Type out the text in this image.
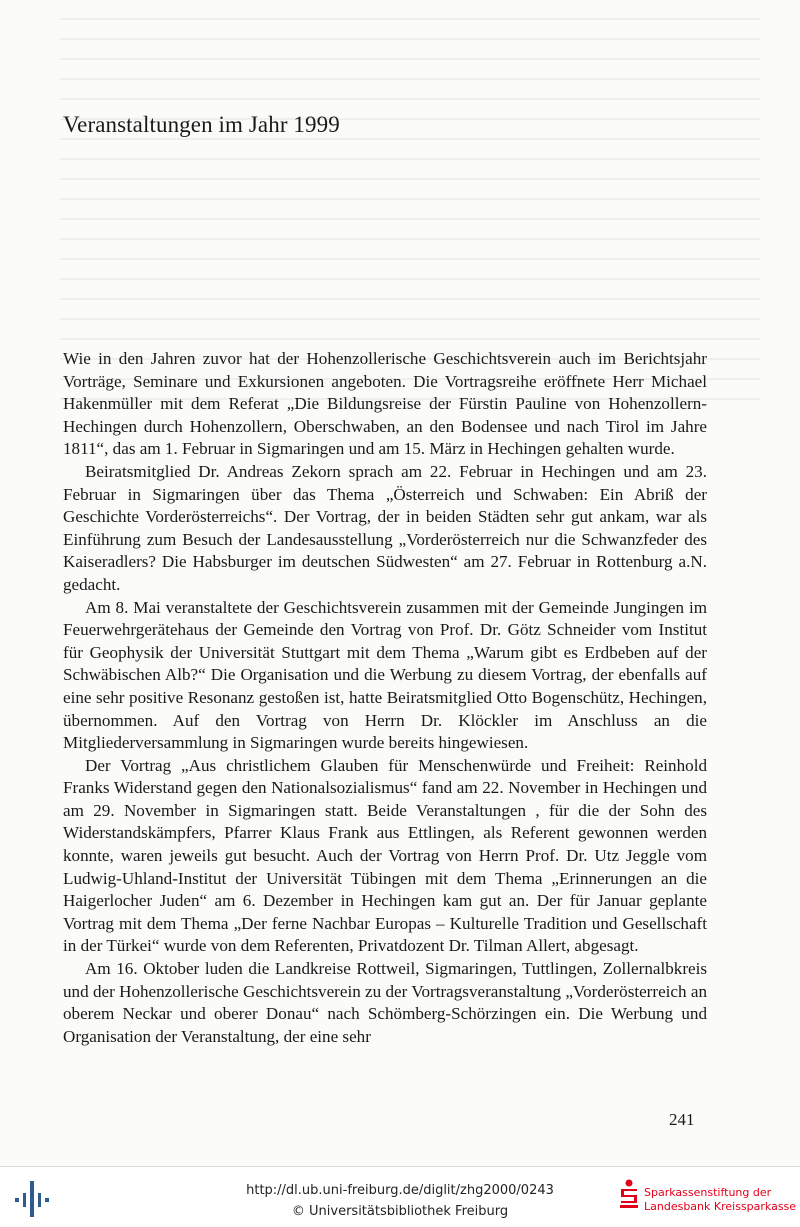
Veranstaltungen im Jahr 1999

Wie in den Jahren zuvor hat der Hohenzollerische Geschichtsverein auch im Berichtsjahr Vorträge, Seminare und Exkursionen angeboten. Die Vortragsreihe eröffnete Herr Michael Hakenmüller mit dem Referat „Die Bildungsreise der Fürstin Pauline von Hohenzollern-Hechingen durch Hohenzollern, Oberschwaben, an den Bodensee und nach Tirol im Jahre 1811“, das am 1. Februar in Sigmaringen und am 15. März in Hechingen gehalten wurde.

Beiratsmitglied Dr. Andreas Zekorn sprach am 22. Februar in Hechingen und am 23. Februar in Sigmaringen über das Thema „Österreich und Schwaben: Ein Abriß der Geschichte Vorderösterreichs“. Der Vortrag, der in beiden Städten sehr gut ankam, war als Einführung zum Besuch der Landesausstellung „Vorderösterreich nur die Schwanzfeder des Kaiseradlers? Die Habsburger im deutschen Südwesten“ am 27. Februar in Rottenburg a.N. gedacht.

Am 8. Mai veranstaltete der Geschichtsverein zusammen mit der Gemeinde Jungingen im Feuerwehrgerätehaus der Gemeinde den Vortrag von Prof. Dr. Götz Schneider vom Institut für Geophysik der Universität Stuttgart mit dem Thema „Warum gibt es Erdbeben auf der Schwäbischen Alb?“ Die Organisation und die Werbung zu diesem Vortrag, der ebenfalls auf eine sehr positive Resonanz gestoßen ist, hatte Beiratsmitglied Otto Bogenschütz, Hechingen, übernommen. Auf den Vortrag von Herrn Dr. Klöckler im Anschluss an die Mitgliederversammlung in Sigmaringen wurde bereits hingewiesen.

Der Vortrag „Aus christlichem Glauben für Menschenwürde und Freiheit: Reinhold Franks Widerstand gegen den Nationalsozialismus“ fand am 22. November in Hechingen und am 29. November in Sigmaringen statt. Beide Veranstaltungen , für die der Sohn des Widerstandskämpfers, Pfarrer Klaus Frank aus Ettlingen, als Referent gewonnen werden konnte, waren jeweils gut besucht. Auch der Vortrag von Herrn Prof. Dr. Utz Jeggle vom Ludwig-Uhland-Institut der Universität Tübingen mit dem Thema „Erinnerungen an die Haigerlocher Juden“ am 6. Dezember in Hechingen kam gut an. Der für Januar geplante Vortrag mit dem Thema „Der ferne Nachbar Europas – Kulturelle Tradition und Gesellschaft in der Türkei“ wurde von dem Referenten, Privatdozent Dr. Tilman Allert, abgesagt.

Am 16. Oktober luden die Landkreise Rottweil, Sigmaringen, Tuttlingen, Zollernalbkreis und der Hohenzollerische Geschichtsverein zu der Vortragsveranstaltung „Vorderösterreich an oberem Neckar und oberer Donau“ nach Schömberg-Schörzingen ein. Die Werbung und Organisation der Veranstaltung, der eine sehr

241
http://dl.ub.uni-freiburg.de/diglit/zhg2000/0243
© Universitätsbibliothek Freiburg
Sparkassenstiftung der
Landesbank Kreissparkasse
